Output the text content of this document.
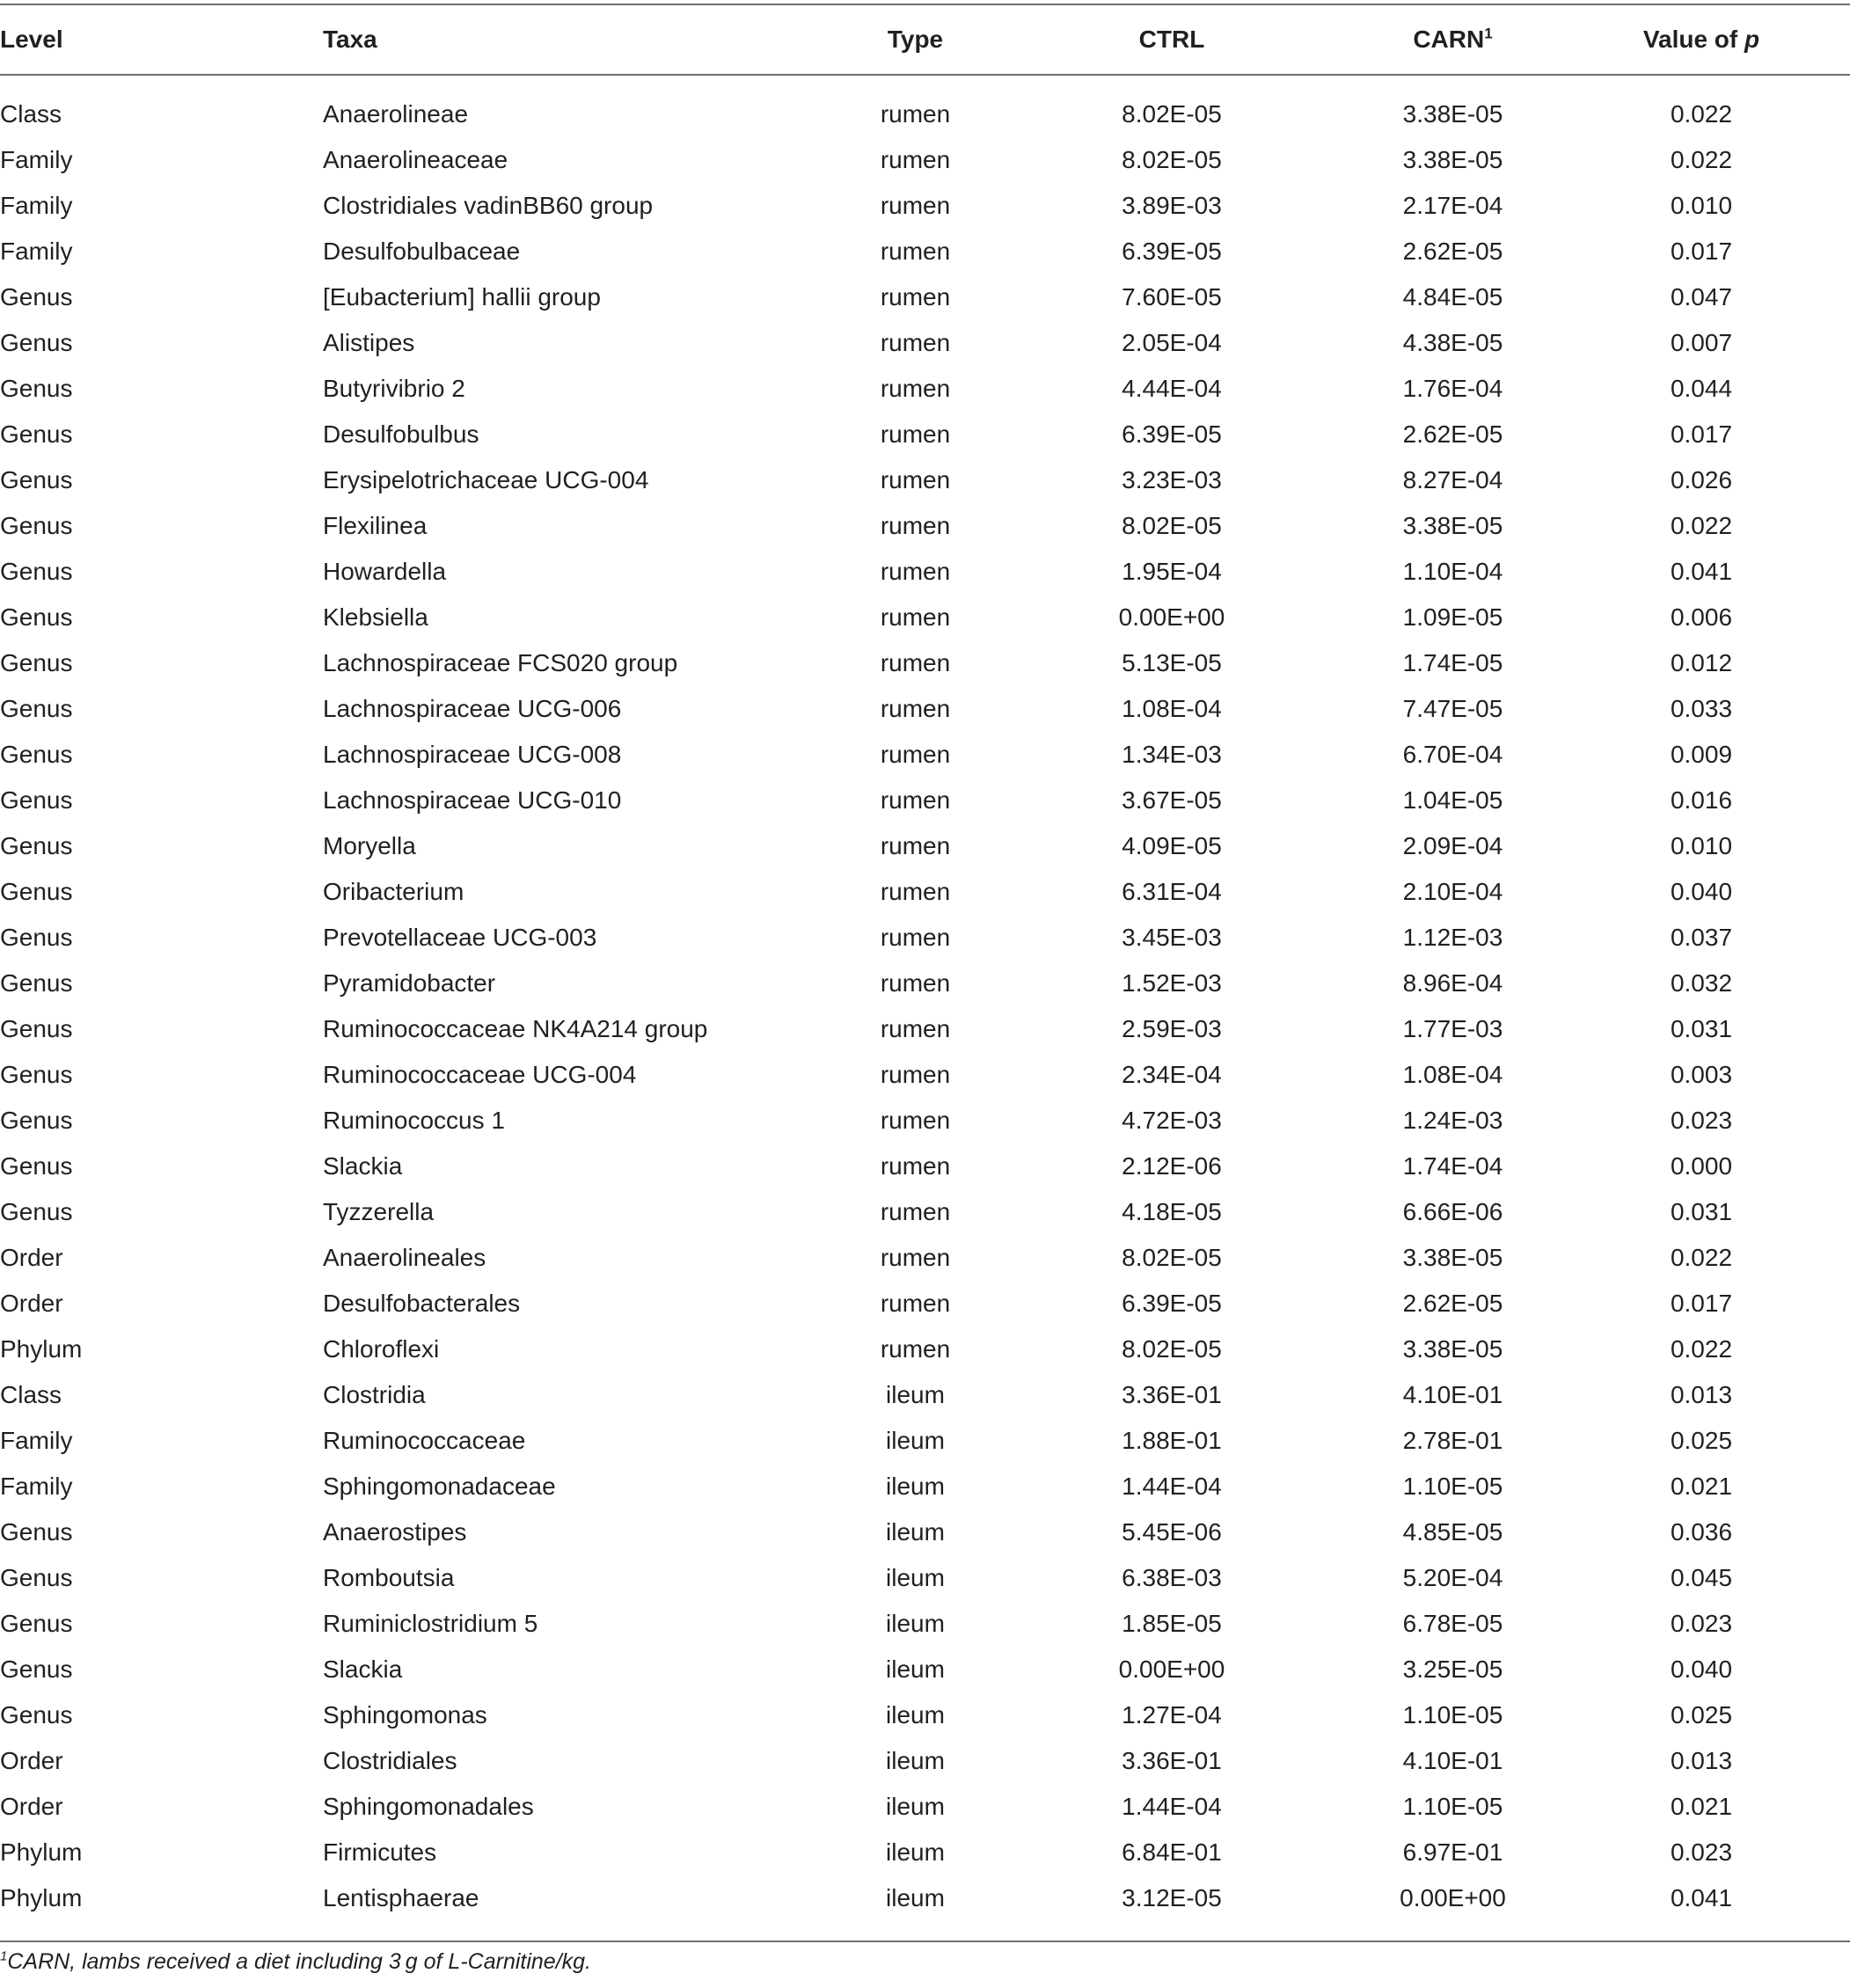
Level	Taxa	Type	CTRL	CARN$^1$	Value of p

Class	Anaerolineae	rumen	8.02E-05	3.38E-05	0.022
Family	Anaerolineaceae	rumen	8.02E-05	3.38E-05	0.022
Family	Clostridiales vadinBB60 group	rumen	3.89E-03	2.17E-04	0.010
Family	Desulfobulbaceae	rumen	6.39E-05	2.62E-05	0.017
Genus	[Eubacterium] hallii group	rumen	7.60E-05	4.84E-05	0.047
Genus	Alistipes	rumen	2.05E-04	4.38E-05	0.007
Genus	Butyrivibrio 2	rumen	4.44E-04	1.76E-04	0.044
Genus	Desulfobulbus	rumen	6.39E-05	2.62E-05	0.017
Genus	Erysipelotrichaceae UCG-004	rumen	3.23E-03	8.27E-04	0.026
Genus	Flexilinea	rumen	8.02E-05	3.38E-05	0.022
Genus	Howardella	rumen	1.95E-04	1.10E-04	0.041
Genus	Klebsiella	rumen	0.00E+00	1.09E-05	0.006
Genus	Lachnospiraceae FCS020 group	rumen	5.13E-05	1.74E-05	0.012
Genus	Lachnospiraceae UCG-006	rumen	1.08E-04	7.47E-05	0.033
Genus	Lachnospiraceae UCG-008	rumen	1.34E-03	6.70E-04	0.009
Genus	Lachnospiraceae UCG-010	rumen	3.67E-05	1.04E-05	0.016
Genus	Moryella	rumen	4.09E-05	2.09E-04	0.010
Genus	Oribacterium	rumen	6.31E-04	2.10E-04	0.040
Genus	Prevotellaceae UCG-003	rumen	3.45E-03	1.12E-03	0.037
Genus	Pyramidobacter	rumen	1.52E-03	8.96E-04	0.032
Genus	Ruminococcaceae NK4A214 group	rumen	2.59E-03	1.77E-03	0.031
Genus	Ruminococcaceae UCG-004	rumen	2.34E-04	1.08E-04	0.003
Genus	Ruminococcus 1	rumen	4.72E-03	1.24E-03	0.023
Genus	Slackia	rumen	2.12E-06	1.74E-04	0.000
Genus	Tyzzerella	rumen	4.18E-05	6.66E-06	0.031
Order	Anaerolineales	rumen	8.02E-05	3.38E-05	0.022
Order	Desulfobacterales	rumen	6.39E-05	2.62E-05	0.017
Phylum	Chloroflexi	rumen	8.02E-05	3.38E-05	0.022
Class	Clostridia	ileum	3.36E-01	4.10E-01	0.013
Family	Ruminococcaceae	ileum	1.88E-01	2.78E-01	0.025
Family	Sphingomonadaceae	ileum	1.44E-04	1.10E-05	0.021
Genus	Anaerostipes	ileum	5.45E-06	4.85E-05	0.036
Genus	Romboutsia	ileum	6.38E-03	5.20E-04	0.045
Genus	Ruminiclostridium 5	ileum	1.85E-05	6.78E-05	0.023
Genus	Slackia	ileum	0.00E+00	3.25E-05	0.040
Genus	Sphingomonas	ileum	1.27E-04	1.10E-05	0.025
Order	Clostridiales	ileum	3.36E-01	4.10E-01	0.013
Order	Sphingomonadales	ileum	1.44E-04	1.10E-05	0.021
Phylum	Firmicutes	ileum	6.84E-01	6.97E-01	0.023
Phylum	Lentisphaerae	ileum	3.12E-05	0.00E+00	0.041
$^1$CARN, lambs received a diet including 3 g of L-Carnitine/kg.
